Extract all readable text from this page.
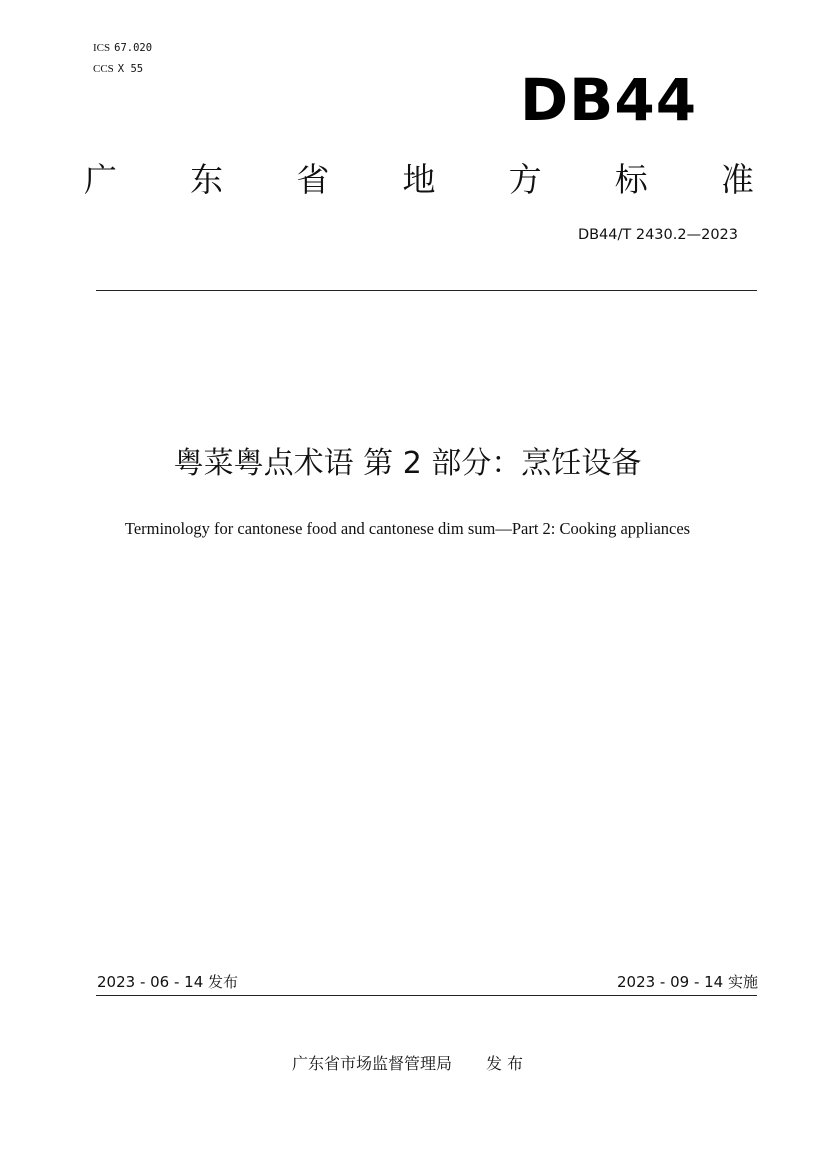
ICS 67.020
CCS X 55	DB44
广 东 省 地 方 标 准
DB44/T 2430.2—2023
粤菜粤点术语 第 2 部分：烹饪设备
Terminology for cantonese food and cantonese dim sum—Part 2: Cooking appliances
2023 - 06 - 14 发布	2023 - 09 - 14 实施
广东省市场监督管理局 发 布
